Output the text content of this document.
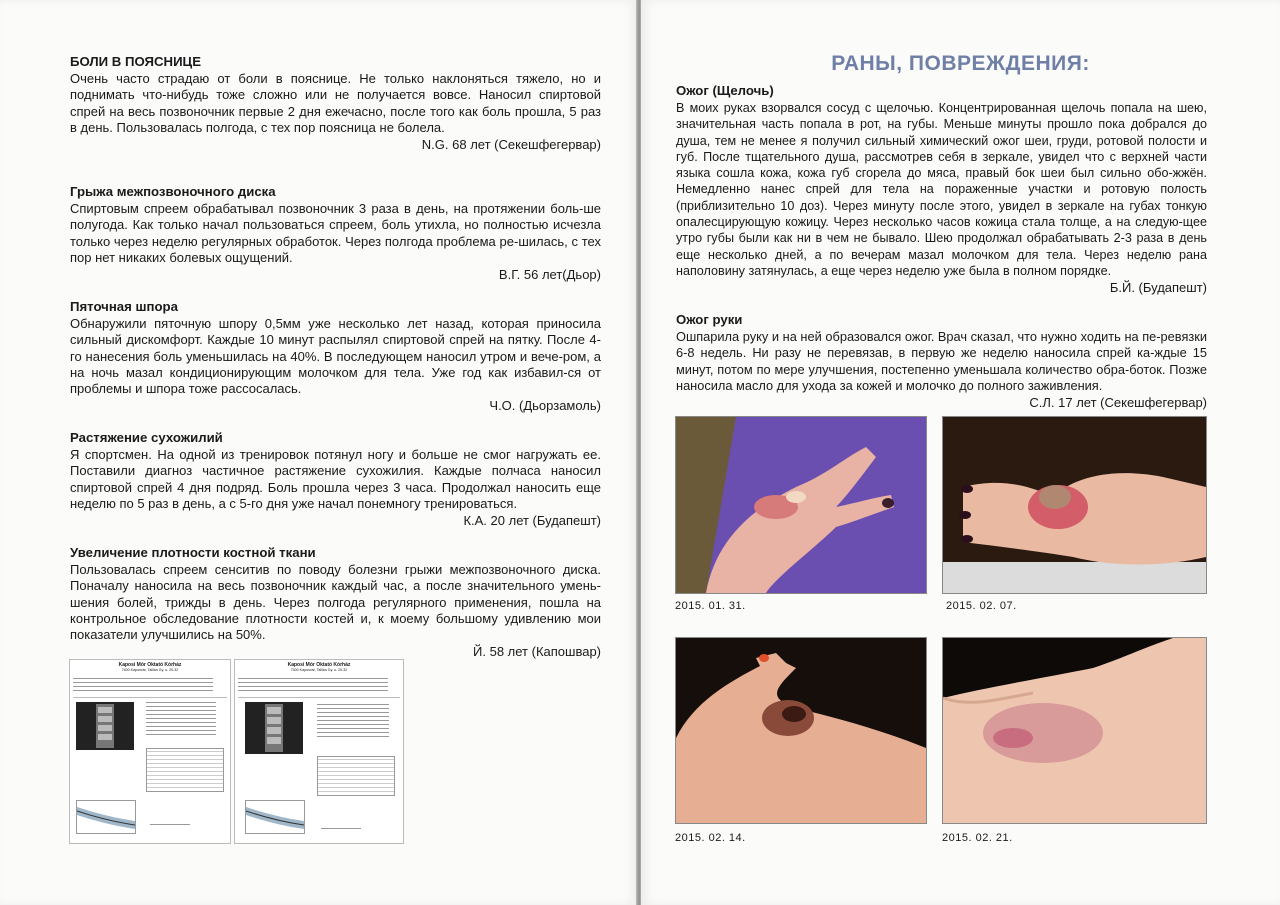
БОЛИ В ПОЯСНИЦЕ

Очень часто страдаю от боли в пояснице. Не только наклоняться тяжело, но и поднимать что-нибудь тоже сложно или не получается вовсе. Наносил спиртовой спрей на весь позвоночник первые 2 дня ежечасно, после того как боль прошла, 5 раз в день. Пользовалась полгода, с тех пор поясница не болела.

N.G. 68 лет (Секешфегервар)
Грыжа межпозвоночного диска

Спиртовым спреем обрабатывал позвоночник 3 раза в день, на протяжении боль-ше полугода. Как только начал пользоваться спреем, боль утихла, но полностью исчезла только через неделю регулярных обработок. Через полгода проблема ре-шилась, с тех пор нет никаких болевых ощущений.

В.Г. 56 лет(Дьор)
Пяточная шпора

Обнаружили пяточную шпору 0,5мм уже несколько лет назад, которая приносила сильный дискомфорт. Каждые 10 минут распылял спиртовой спрей на пятку. После 4-го нанесения боль уменьшилась на 40%. В последующем наносил утром и вече-ром, а на ночь мазал кондиционирующим молочком для тела. Уже год как избавил-ся от проблемы и шпора тоже рассосалась.

Ч.О. (Дьорзамоль)
Растяжение сухожилий

Я спортсмен. На одной из тренировок потянул ногу и больше не смог нагружать ее. Поставили диагноз частичное растяжение сухожилия. Каждые полчаса наносил спиртовой спрей 4 дня подряд. Боль прошла через 3 часа. Продолжал наносить еще неделю по 5 раз в день, а с 5-го дня уже начал понемногу тренироваться.

К.А. 20 лет (Будапешт)
Увеличение плотности костной ткани

Пользовалась спреем сенситив по поводу болезни грыжи межпозвоночного диска. Поначалу наносила на весь позвоночник каждый час, а после значительного умень-шения болей, трижды в день. Через полгода регулярного применения, пошла на контрольное обследование плотности костей и, к моему большому удивлению мои показатели улучшились на 50%.

Й. 58 лет (Капошвар)
Kaposi Mór Oktató Kórház
7400 Kaposvár, Tallián Gy. u. 20-32
Kaposi Mór Oktató Kórház
7400 Kaposvár, Tallián Gy. u. 20-32
РАНЫ, ПОВРЕЖДЕНИЯ:
Ожог (Щелочь)

В моих руках взорвался сосуд с щелочью. Концентрированная щелочь попала на шею, значительная часть попала в рот, на губы. Меньше минуты прошло пока добрался до душа, тем не менее я получил сильный химический ожог шеи, груди, ротовой полости и губ. После тщательного душа, рассмотрев себя в зеркале, увидел что с верхней части языка сошла кожа, кожа губ сгорела до мяса, правый бок шеи был сильно обо-жжён. Немедленно нанес спрей для тела на пораженные участки и ротовую полость (приблизительно 10 доз). Через минуту после этого, увидел в зеркале на губах тонкую опалесцирующую кожицу. Через несколько часов кожица стала толще, а на следую-щее утро губы были как ни в чем не бывало. Шею продолжал обрабатывать 2-3 раза в день еще несколько дней, а по вечерам мазал молочком для тела. Через неделю рана наполовину затянулась, а еще через неделю уже была в полном порядке.

Б.Й. (Будапешт)
Ожог руки

Ошпарила руку и на ней образовался ожог. Врач сказал, что нужно ходить на пе-ревязки 6-8 недель. Ни разу не перевязав, в первую же неделю наносила спрей ка-ждые 15 минут, потом по мере улучшения, постепенно уменьшала количество обра-боток. Позже наносила масло для ухода за кожей и молочко до полного заживления.

С.Л. 17 лет (Секешфегервар)
2015. 01. 31.	2015. 02. 07.
2015. 02. 14.	2015. 02. 21.
